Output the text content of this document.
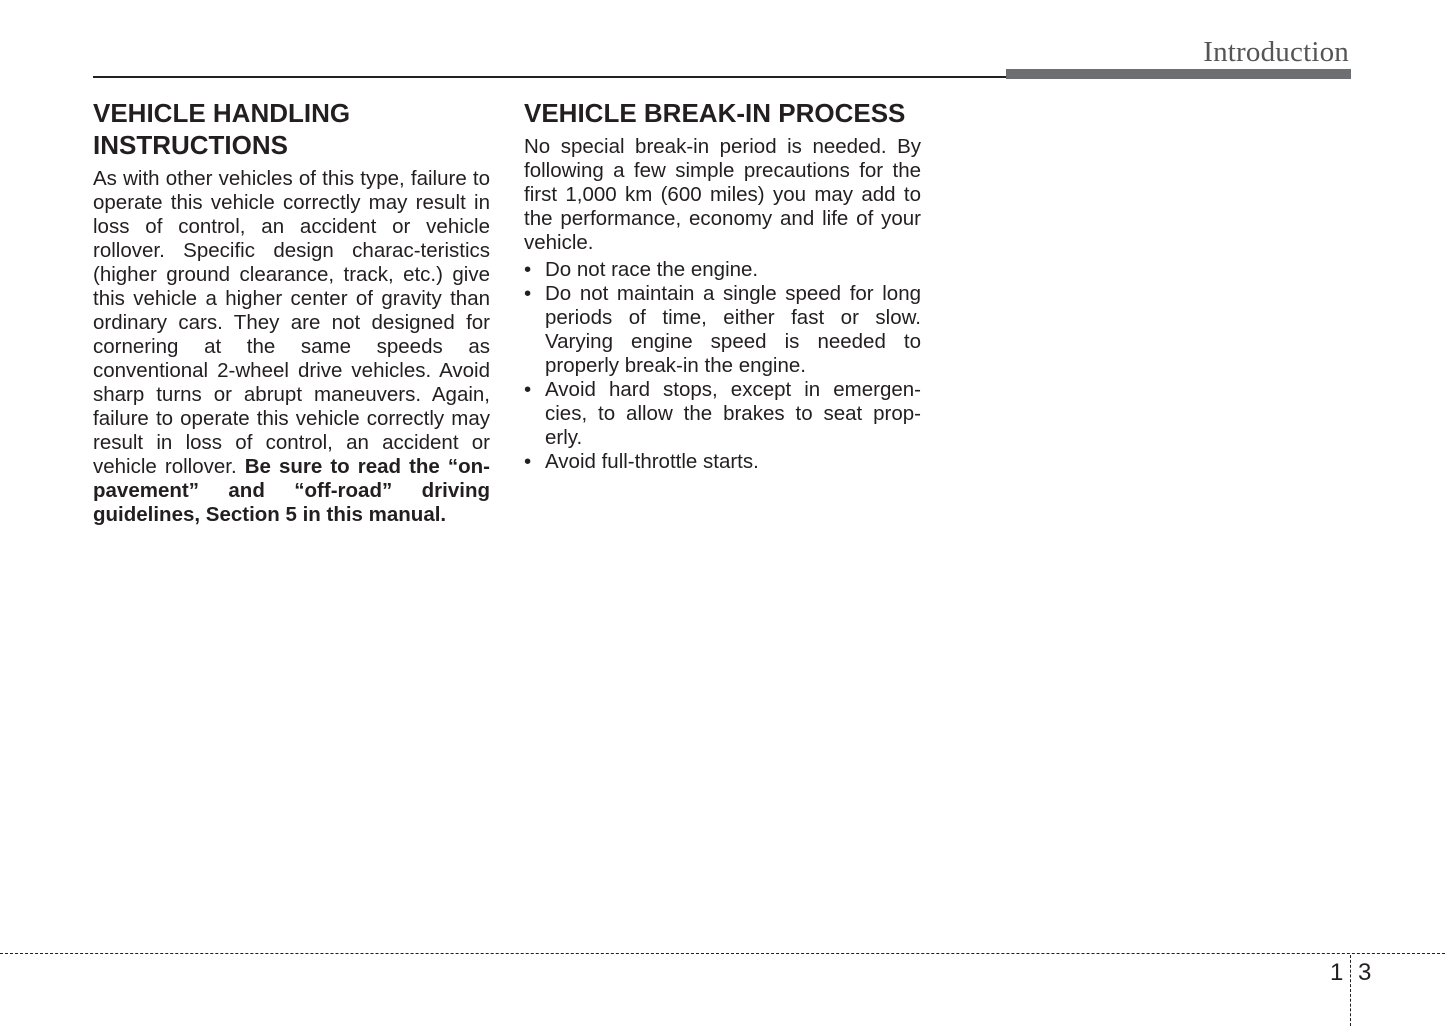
Introduction
VEHICLE HANDLING INSTRUCTIONS

As with other vehicles of this type, failure to operate this vehicle correctly may result in loss of control, an accident or vehicle rollover. Specific design charac-teristics (higher ground clearance, track, etc.) give this vehicle a higher center of gravity than ordinary cars. They are not designed for cornering at the same speeds as conventional 2-wheel drive vehicles. Avoid sharp turns or abrupt maneuvers. Again, failure to operate this vehicle correctly may result in loss of control, an accident or vehicle rollover. Be sure to read the “on-pavement” and “off-road” driving guidelines, Section 5 in this manual.

VEHICLE BREAK-IN PROCESS

No special break-in period is needed. By following a few simple precautions for the first 1,000 km (600 miles) you may add to the performance, economy and life of your vehicle.

• Do not race the engine.
• Do not maintain a single speed for long periods of time, either fast or slow. Varying engine speed is needed to properly break-in the engine.
• Avoid hard stops, except in emergen-cies, to allow the brakes to seat prop-erly.
• Avoid full-throttle starts.
1 3
